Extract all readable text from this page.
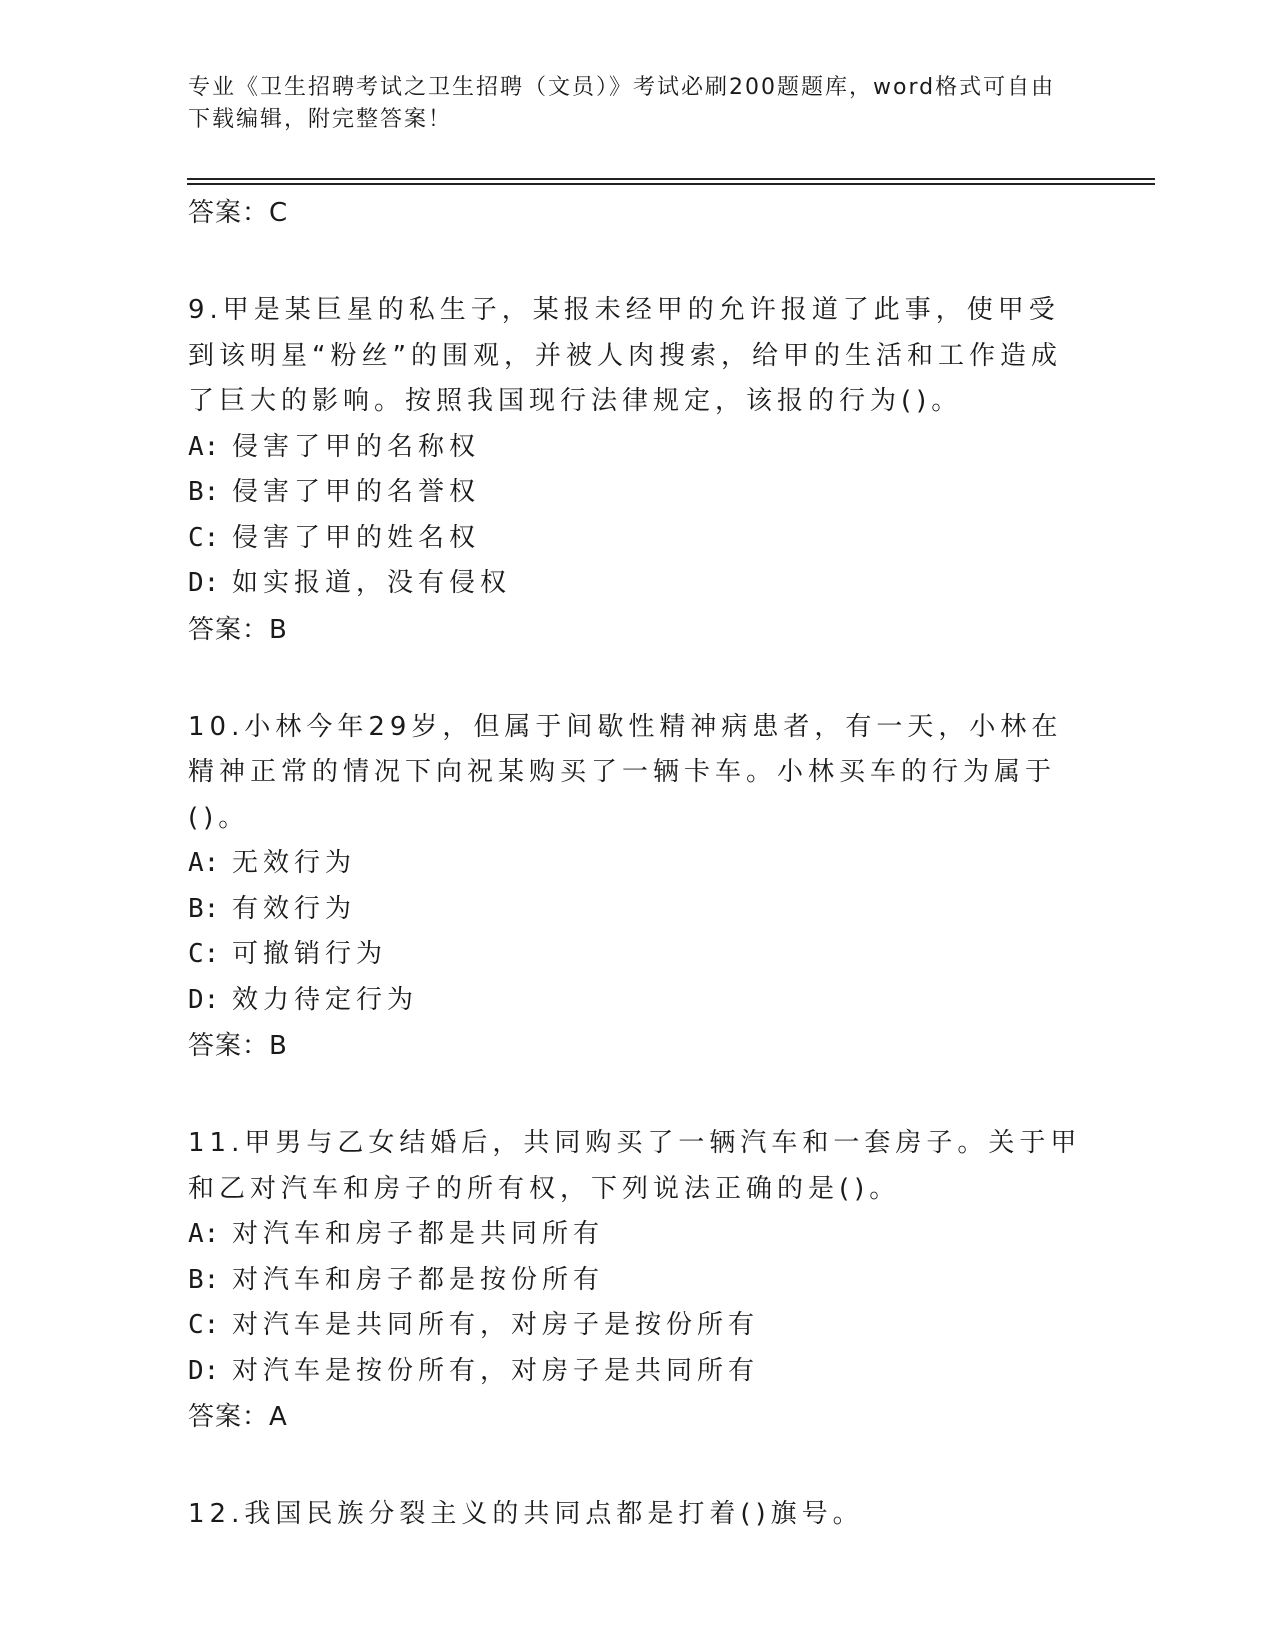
专业《卫生招聘考试之卫生招聘（文员）》考试必刷200题题库，word格式可自由下载编辑，附完整答案！
答案：C
9.甲是某巨星的私生子，某报未经甲的允许报道了此事，使甲受到该明星“粉丝”的围观，并被人肉搜索，给甲的生活和工作造成了巨大的影响。按照我国现行法律规定，该报的行为()。
A: 侵害了甲的名称权
B: 侵害了甲的名誉权
C: 侵害了甲的姓名权
D: 如实报道，没有侵权
答案：B
10.小林今年29岁，但属于间歇性精神病患者，有一天，小林在精神正常的情况下向祝某购买了一辆卡车。小林买车的行为属于()。
A: 无效行为
B: 有效行为
C: 可撤销行为
D: 效力待定行为
答案：B
11.甲男与乙女结婚后，共同购买了一辆汽车和一套房子。关于甲和乙对汽车和房子的所有权，下列说法正确的是()。
A: 对汽车和房子都是共同所有
B: 对汽车和房子都是按份所有
C: 对汽车是共同所有，对房子是按份所有
D: 对汽车是按份所有，对房子是共同所有
答案：A
12.我国民族分裂主义的共同点都是打着()旗号。
